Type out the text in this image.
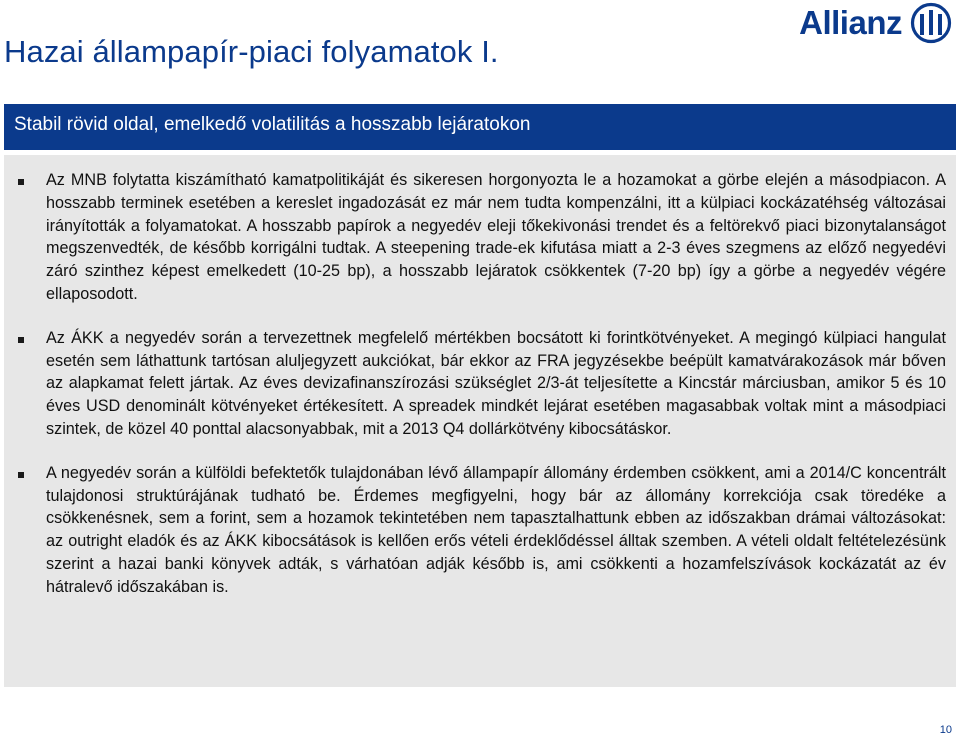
Hazai állampapír-piaci folyamatok I.
Allianz
Stabil rövid oldal, emelkedő volatilitás a hosszabb lejáratokon
Az MNB folytatta kiszámítható kamatpolitikáját és sikeresen horgonyozta le a hozamokat a görbe elején a másodpiacon. A hosszabb terminek esetében a kereslet ingadozását ez már nem tudta kompenzálni, itt a külpiaci kockázatéhség változásai irányították a folyamatokat. A hosszabb papírok a negyedév eleji tőkekivonási trendet és a feltörekvő piaci bizonytalanságot megszenvedték, de később korrigálni tudtak. A steepening trade-ek kifutása miatt a 2-3 éves szegmens az előző negyedévi záró szinthez képest emelkedett (10-25 bp), a hosszabb lejáratok csökkentek (7-20 bp) így a görbe a negyedév végére ellaposodott.
Az ÁKK a negyedév során a tervezettnek megfelelő mértékben bocsátott ki forintkötvényeket. A megingó külpiaci hangulat esetén sem láthattunk tartósan aluljegyzett aukciókat, bár ekkor az FRA jegyzésekbe beépült kamatvárakozások már bőven az alapkamat felett jártak. Az éves devizafinanszírozási szükséglet 2/3-át teljesítette a Kincstár márciusban, amikor 5 és 10 éves USD denominált kötvényeket értékesített. A spreadek mindkét lejárat esetében magasabbak voltak mint a másodpiaci szintek, de közel 40 ponttal alacsonyabbak, mit a 2013 Q4 dollárkötvény kibocsátáskor.
A negyedév során a külföldi befektetők tulajdonában lévő állampapír állomány érdemben csökkent, ami a 2014/C koncentrált tulajdonosi struktúrájának tudható be. Érdemes megfigyelni, hogy bár az állomány korrekciója csak töredéke a csökkenésnek, sem a forint, sem a hozamok tekintetében nem tapasztalhattunk ebben az időszakban drámai változásokat: az outright eladók és az ÁKK kibocsátások is kellően erős vételi érdeklődéssel álltak szemben. A vételi oldalt feltételezésünk szerint a hazai banki könyvek adták, s várhatóan adják később is, ami csökkenti a hozamfelszívások kockázatát az év hátralevő időszakában is.
10
